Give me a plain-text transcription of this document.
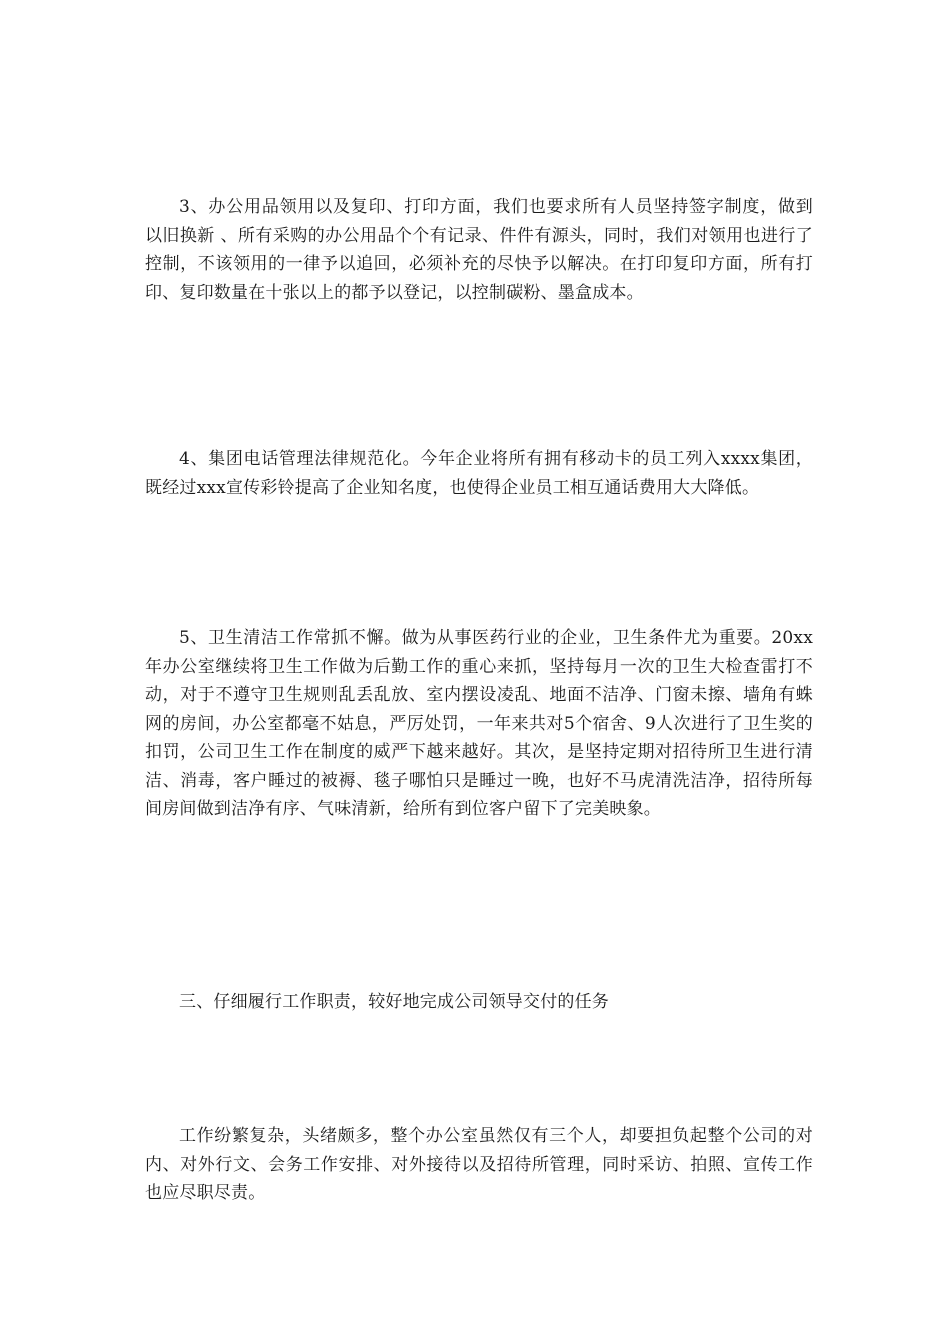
3、办公用品领用以及复印、打印方面，我们也要求所有人员坚持签字制度，做到 以旧换新 、所有采购的办公用品个个有记录、件件有源头，同时，我们对领用也进行了控制，不该领用的一律予以追回，必须补充的尽快予以解决。在打印复印方面，所有打印、复印数量在十张以上的都予以登记，以控制碳粉、墨盒成本。

4、集团电话管理法律规范化。今年企业将所有拥有移动卡的员工列入xxxx集团，既经过xxx宣传彩铃提高了企业知名度，也使得企业员工相互通话费用大大降低。

5、卫生清洁工作常抓不懈。做为从事医药行业的企业，卫生条件尤为重要。20xx年办公室继续将卫生工作做为后勤工作的重心来抓，坚持每月一次的卫生大检查雷打不动，对于不遵守卫生规则乱丢乱放、室内摆设凌乱、地面不洁净、门窗未擦、墙角有蛛网的房间，办公室都毫不姑息，严厉处罚，一年来共对5个宿舍、9人次进行了卫生奖的扣罚，公司卫生工作在制度的威严下越来越好。其次，是坚持定期对招待所卫生进行清洁、消毒，客户睡过的被褥、毯子哪怕只是睡过一晚，也好不马虎清洗洁净，招待所每间房间做到洁净有序、气味清新，给所有到位客户留下了完美映象。

三、仔细履行工作职责，较好地完成公司领导交付的任务

工作纷繁复杂，头绪颇多，整个办公室虽然仅有三个人，却要担负起整个公司的对内、对外行文、会务工作安排、对外接待以及招待所管理，同时采访、拍照、宣传工作也应尽职尽责。
